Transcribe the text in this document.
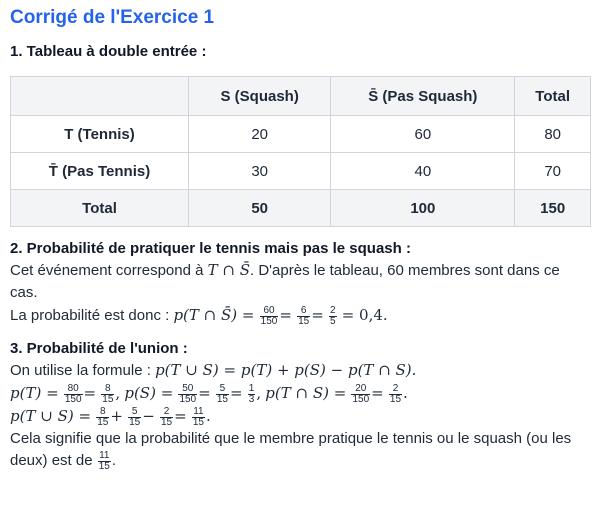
Corrigé de l'Exercice 1
1. Tableau à double entrée :
	S (Squash)	S̄ (Pas Squash)	Total
T (Tennis)	20	60	80
T̄ (Pas Tennis)	30	40	70
Total	50	100	150
2. Probabilité de pratiquer le tennis mais pas le squash :

Cet événement correspond à T ∩ S̄. D'après le tableau, 60 membres sont dans ce cas.

La probabilité est donc : p(T ∩ S̄) = $\frac{60}{150} = \frac{6}{15} = \frac{2}{5} = 0,4$.

3. Probabilité de l'union :

On utilise la formule : p(T ∪ S) = p(T) + p(S) − p(T ∩ S).

$p(T) = \frac{80}{150} = \frac{8}{15}$ , $p(S) = \frac{50}{150} = \frac{5}{15} = \frac{1}{3}$ , p(T ∩ $S) = \frac{20}{150} = \frac{2}{15}$ .

p(T ∪ $S) = \frac{8}{15} + \frac{5}{15} - \frac{2}{15} = \frac{11}{15}$ .

Cela signifie que la probabilité que le membre pratique le tennis ou le squash (ou les deux) est de $\frac{11}{15}$ .
